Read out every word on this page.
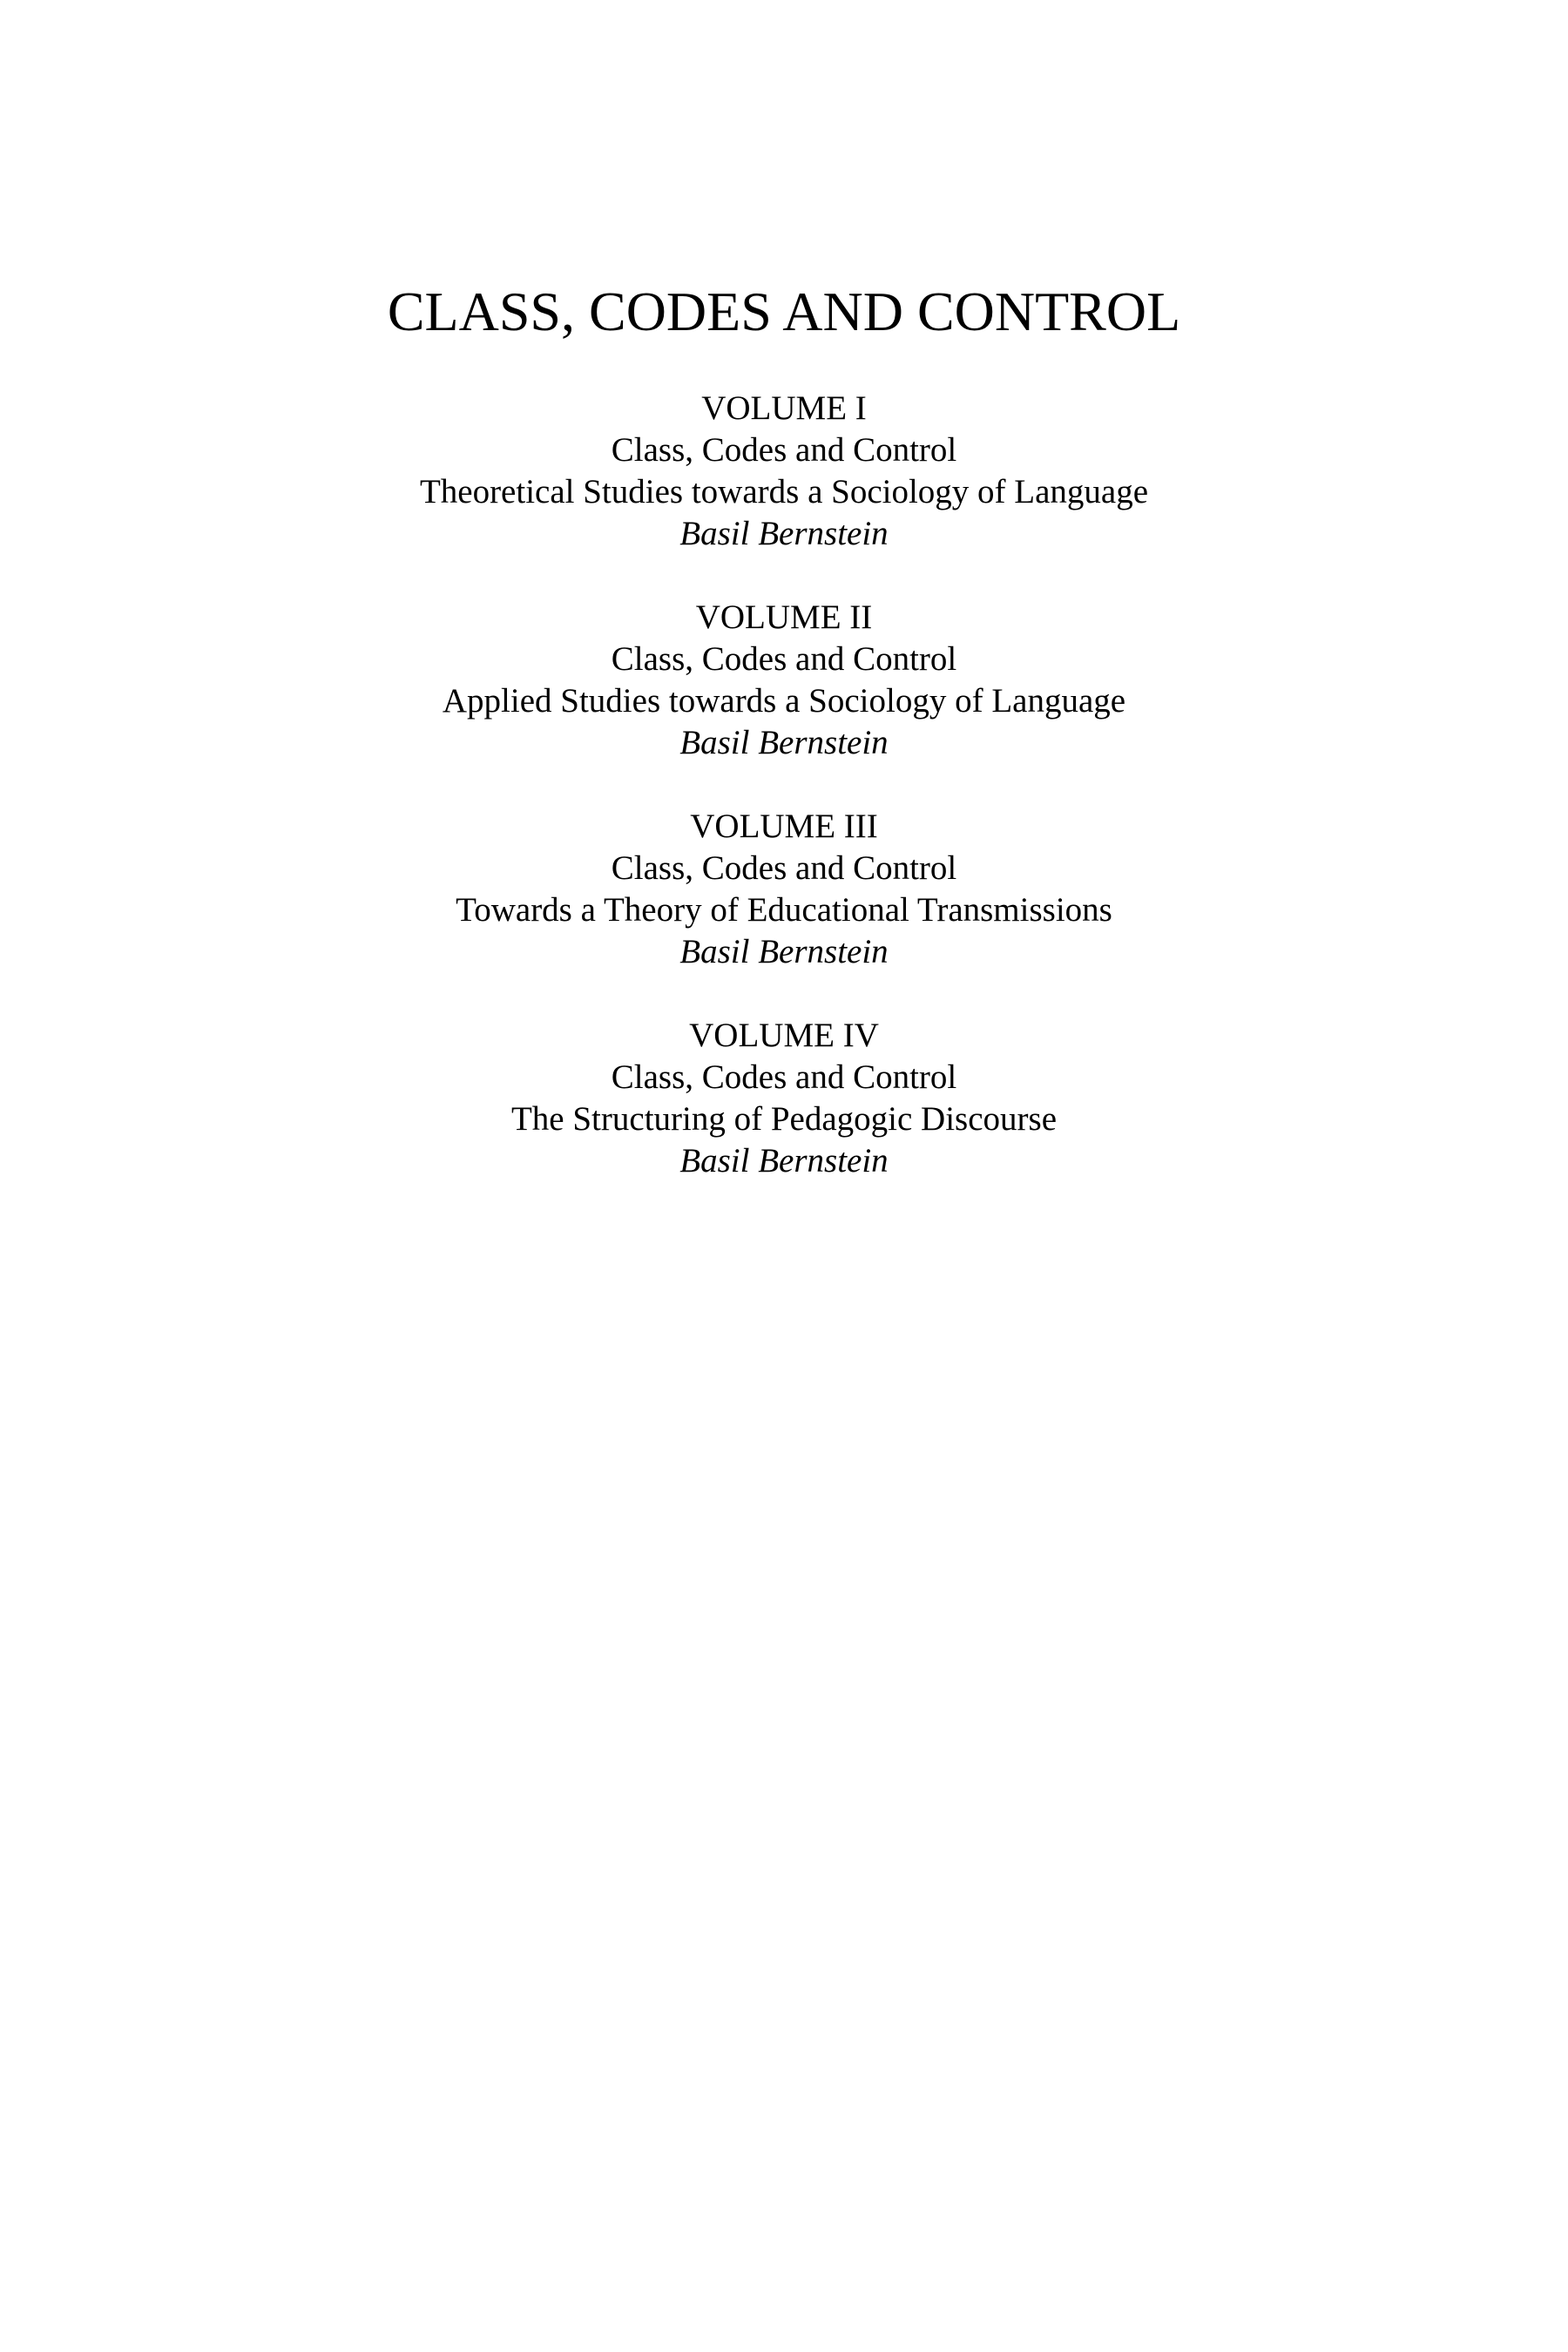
CLASS, CODES AND CONTROL
VOLUME I
Class, Codes and Control
Theoretical Studies towards a Sociology of Language
Basil Bernstein
VOLUME II
Class, Codes and Control
Applied Studies towards a Sociology of Language
Basil Bernstein
VOLUME III
Class, Codes and Control
Towards a Theory of Educational Transmissions
Basil Bernstein
VOLUME IV
Class, Codes and Control
The Structuring of Pedagogic Discourse
Basil Bernstein
